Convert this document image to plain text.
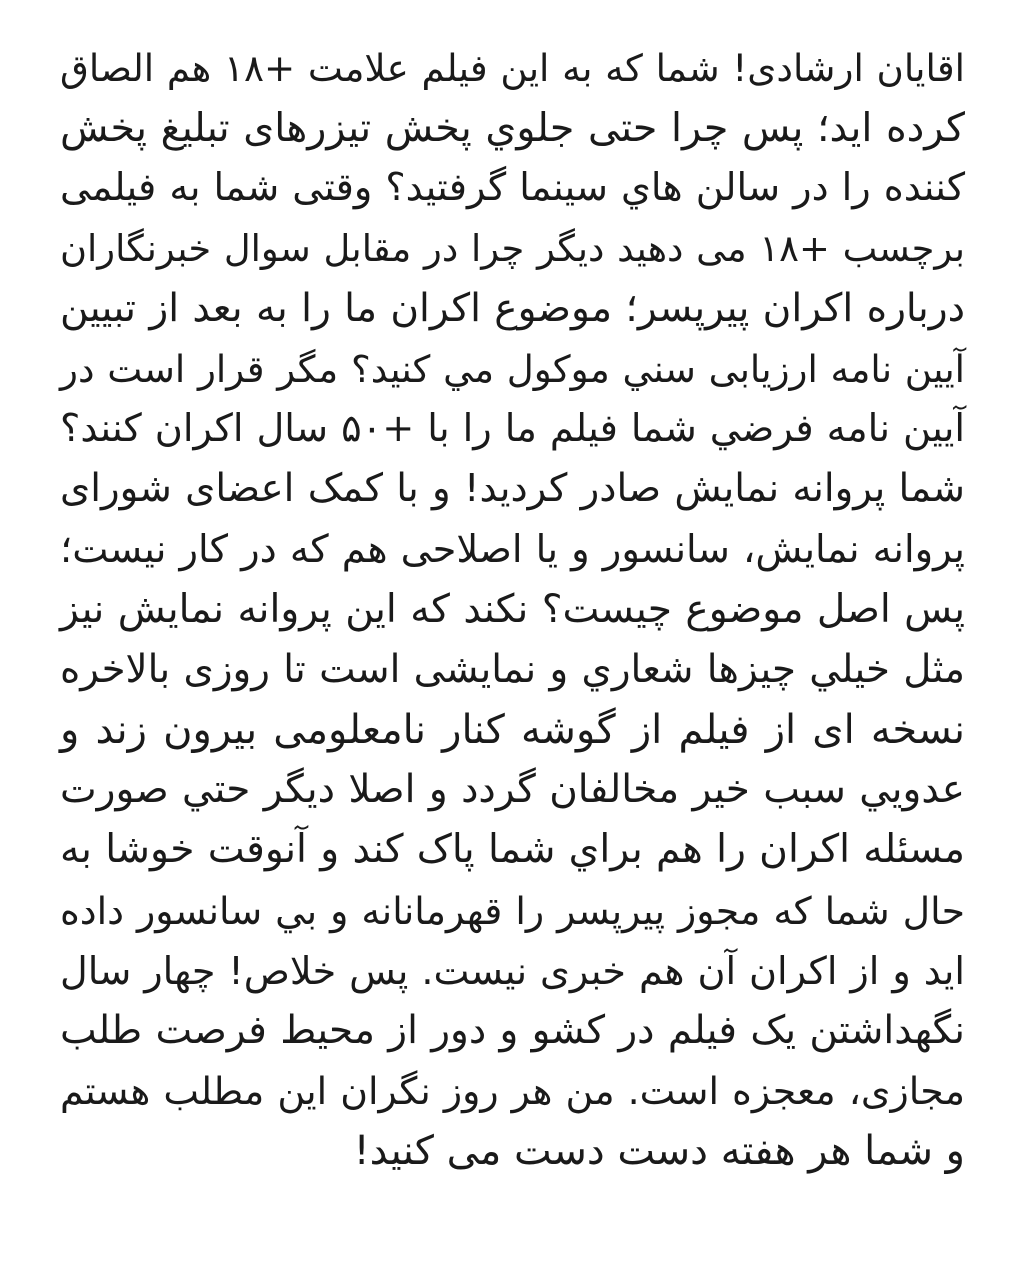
اقایان ارشادی! شما که به این فیلم علامت +۱۸ هم الصاق
کرده اید؛ پس چرا حتی جلوي پخش تیزرهای تبلیغ پخش
کننده را در سالن هاي سینما گرفتید؟ وقتی شما به فیلمی
برچسب +۱۸ می دهید دیگر چرا در مقابل سوال خبرنگاران
درباره اکران پیرپسر؛ موضوع اکران ما را به بعد از تبیین
آیین نامه ارزیابی سني موکول مي کنید؟ مگر قرار است در
آیین نامه فرضي شما فیلم ما را با +۵۰ سال اکران کنند؟
شما پروانه نمایش صادر کردید! و با کمک اعضای شورای
پروانه نمایش، سانسور و یا اصلاحی هم که در کار نیست؛
پس اصل موضوع چیست؟ نکند که این پروانه نمایش نیز
مثل خیلي چیزها شعاري و نمایشی است تا روزی بالاخره
نسخه ای از فیلم از گوشه کنار نامعلومی بیرون زند و
عدویي سبب خیر مخالفان گردد و اصلا دیگر حتي صورت
مسئله اکران را هم براي شما پاک کند و آنوقت خوشا به
حال شما که مجوز پیرپسر را قهرمانانه و بي سانسور داده
اید و از اکران آن هم خبری نیست. پس خلاص! چهار سال
نگهداشتن یک فیلم در کشو و دور از محیط فرصت طلب
مجازی، معجزه است. من هر روز نگران این مطلب هستم
و شما هر هفته دست دست می کنید!
